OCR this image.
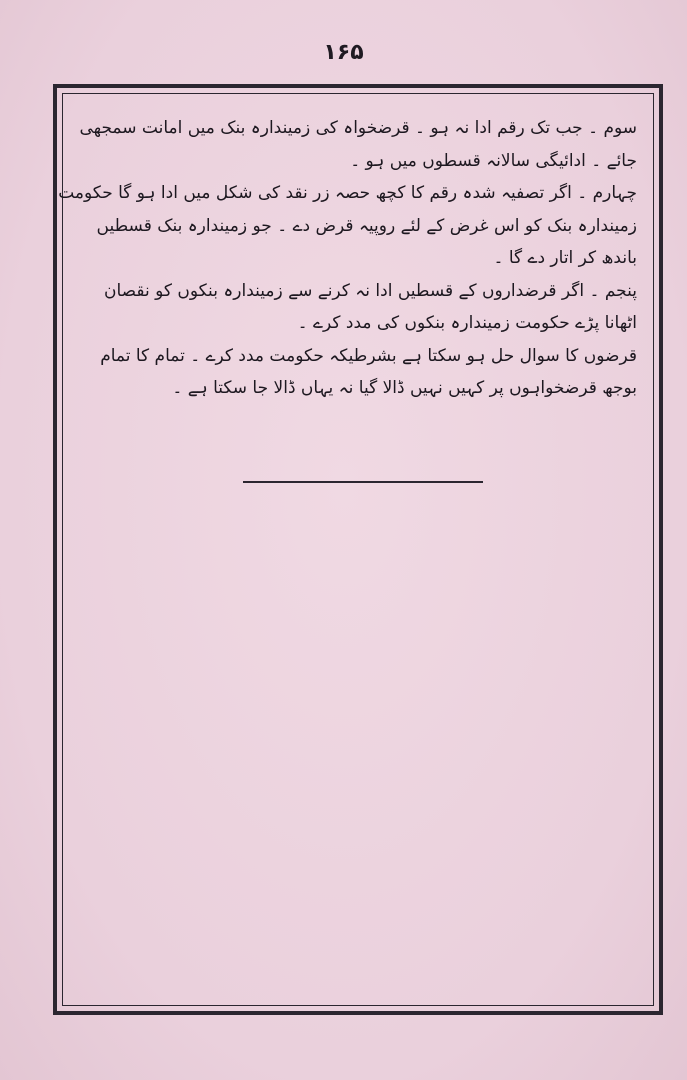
۱۶۵

سوم ۔ جب تک رقم ادا نہ ہو ۔ قرضخواہ کی زمیندارہ بنک میں امانت سمجھی
جائے ۔ ادائیگی سالانہ قسطوں میں ہو ۔

چہارم ۔ اگر تصفیہ شدہ رقم کا کچھ حصہ زر نقد کی شکل میں ادا ہو گا حکومت
زمیندارہ بنک کو اس غرض کے لئے روپیہ قرض دے ۔ جو زمیندارہ بنک قسطیں
باندھ کر اتار دے گا ۔

پنجم ۔ اگر قرضداروں کے قسطیں ادا نہ کرنے سے زمیندارہ بنکوں کو نقصان
اٹھانا پڑے حکومت زمیندارہ بنکوں کی مدد کرے ۔

قرضوں کا سوال حل ہو سکتا ہے بشرطیکہ حکومت مدد کرے ۔ تمام کا تمام
بوجھ قرضخواہوں پر کہیں نہیں ڈالا گیا نہ یہاں ڈالا جا سکتا ہے ۔
